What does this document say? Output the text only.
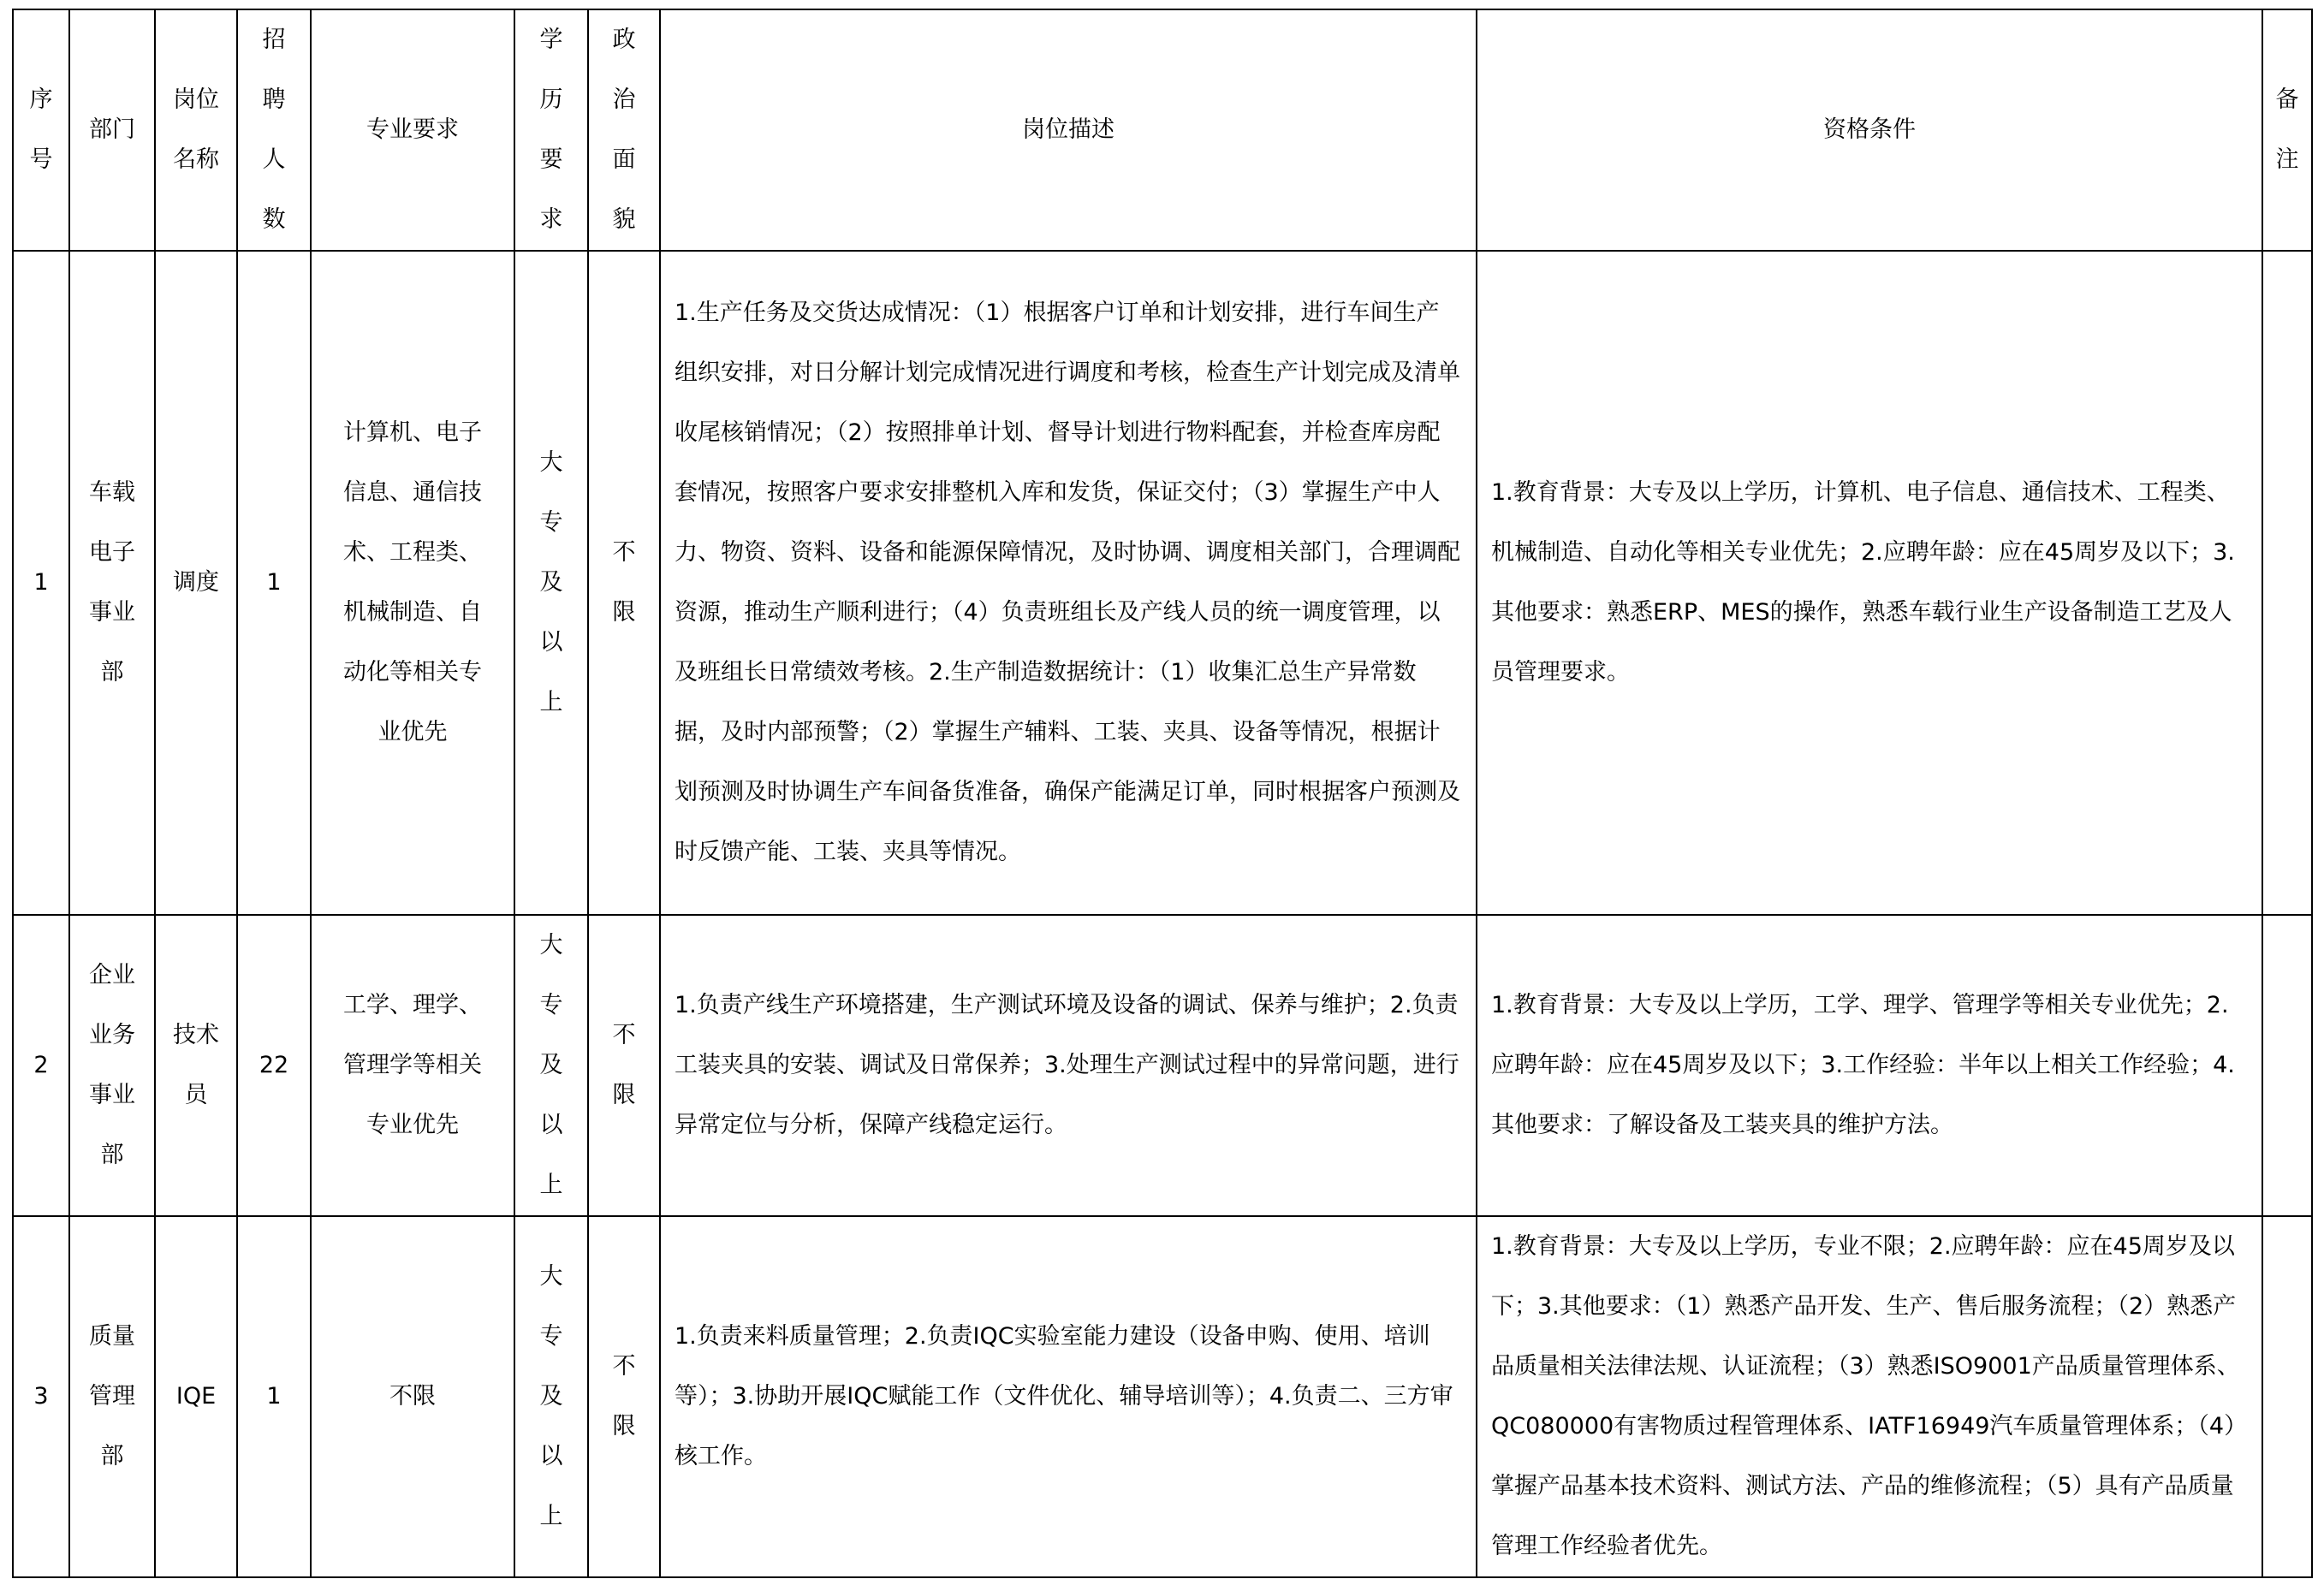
序号	部门	岗位名称	招聘人数	专业要求	学历要求	政治面貌	岗位描述	资格条件	备注

1	车载电子事业部	调度	1	计算机、电子信息、通信技术、工程类、机械制造、自动化等相关专业优先	大专及以上	不限	1.生产任务及交货达成情况：（1）根据客户订单和计划安排，进行车间生产组织安排，对日分解计划完成情况进行调度和考核，检查生产计划完成及清单收尾核销情况；（2）按照排单计划、督导计划进行物料配套，并检查库房配套情况，按照客户要求安排整机入库和发货，保证交付；（3）掌握生产中人力、物资、资料、设备和能源保障情况，及时协调、调度相关部门，合理调配资源，推动生产顺利进行；（4）负责班组长及产线人员的统一调度管理，以及班组长日常绩效考核。2.生产制造数据统计：（1）收集汇总生产异常数据，及时内部预警；（2）掌握生产辅料、工装、夹具、设备等情况，根据计划预测及时协调生产车间备货准备，确保产能满足订单，同时根据客户预测及时反馈产能、工装、夹具等情况。	1.教育背景：大专及以上学历，计算机、电子信息、通信技术、工程类、机械制造、自动化等相关专业优先；2.应聘年龄：应在45周岁及以下；3.其他要求：熟悉ERP、MES的操作，熟悉车载行业生产设备制造工艺及人员管理要求。	

2	企业业务事业部	技术员	22	工学、理学、管理学等相关专业优先	大专及以上	不限	1.负责产线生产环境搭建，生产测试环境及设备的调试、保养与维护；2.负责工装夹具的安装、调试及日常保养；3.处理生产测试过程中的异常问题，进行异常定位与分析，保障产线稳定运行。	1.教育背景：大专及以上学历，工学、理学、管理学等相关专业优先；2.应聘年龄：应在45周岁及以下；3.工作经验：半年以上相关工作经验；4.其他要求：了解设备及工装夹具的维护方法。	

3	质量管理部	IQE	1	不限	大专及以上	不限	1.负责来料质量管理；2.负责IQC实验室能力建设（设备申购、使用、培训等）；3.协助开展IQC赋能工作（文件优化、辅导培训等）；4.负责二、三方审核工作。	1.教育背景：大专及以上学历，专业不限；2.应聘年龄：应在45周岁及以下；3.其他要求：（1）熟悉产品开发、生产、售后服务流程；（2）熟悉产品质量相关法律法规、认证流程；（3）熟悉ISO9001产品质量管理体系、QC080000有害物质过程管理体系、IATF16949汽车质量管理体系；（4）掌握产品基本技术资料、测试方法、产品的维修流程；（5）具有产品质量管理工作经验者优先。	
